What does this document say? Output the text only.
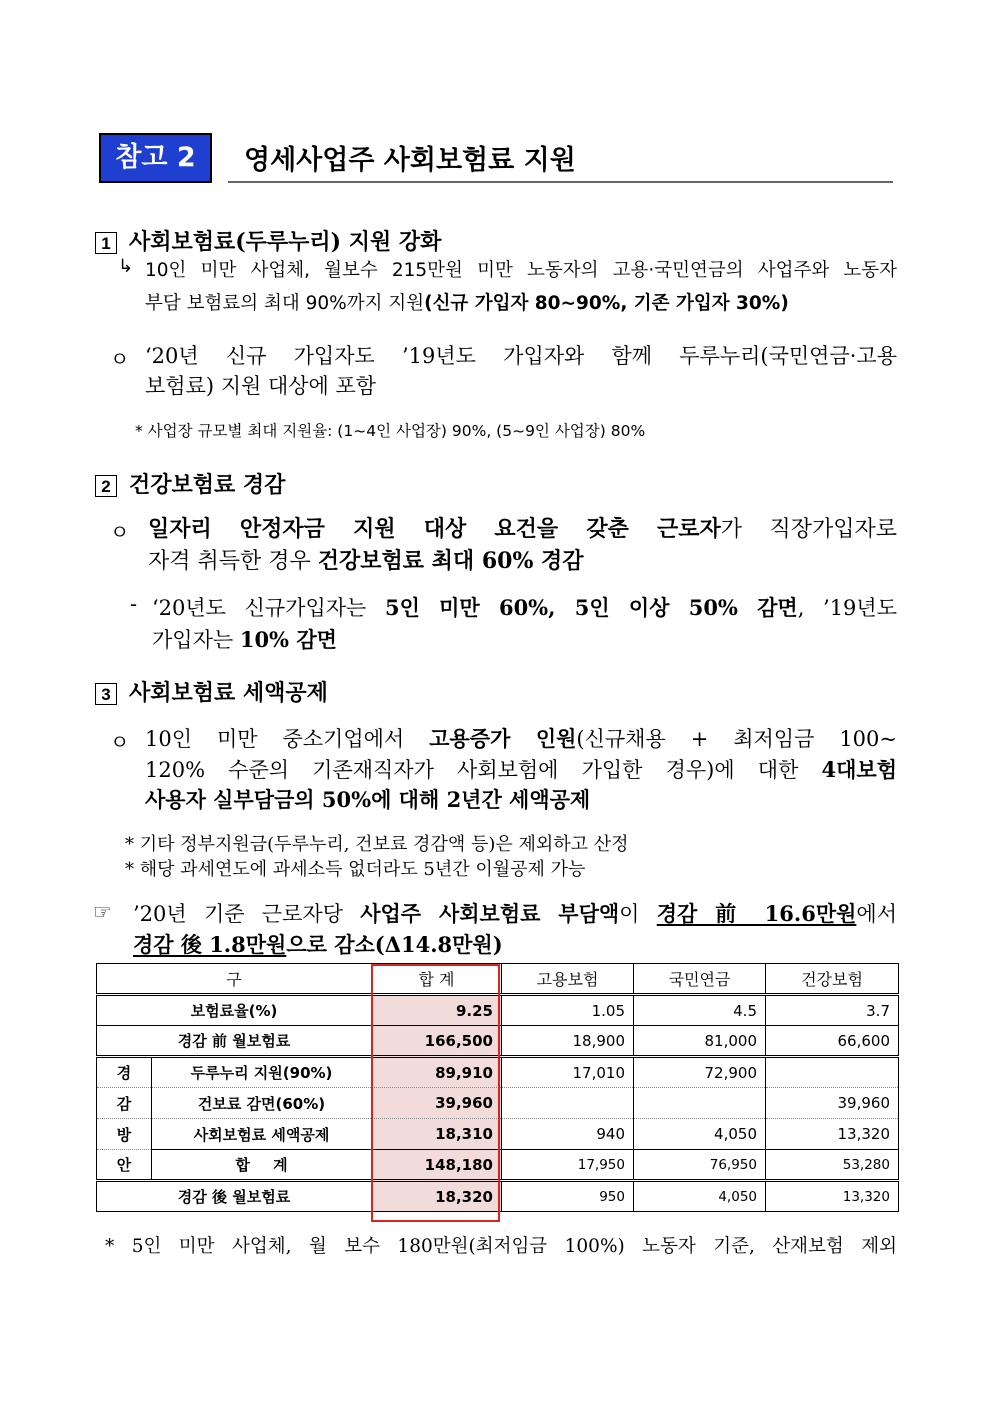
참고 2	영세사업주 사회보험료 지원
1 사회보험료(두루누리) 지원 강화
↳ 10인 미만 사업체, 월보수 215만원 미만 노동자의 고용·국민연금의 사업주와 노동자
부담 보험료의 최대 90%까지 지원(신규 가입자 80~90%, 기존 가입자 30%)
ㅇ ‘20년 신규 가입자도 ’19년도 가입자와 함께 두루누리(국민연금·고용
보험료) 지원 대상에 포함
* 사업장 규모별 최대 지원율: (1~4인 사업장) 90%, (5~9인 사업장) 80%
2 건강보험료 경감
ㅇ 일자리 안정자금 지원 대상 요건을 갖춘 근로자가 직장가입자로
자격 취득한 경우 건강보험료 최대 60% 경감
- ‘20년도 신규가입자는 5인 미만 60%, 5인 이상 50% 감면, ’19년도
가입자는 10% 감면
3 사회보험료 세액공제
ㅇ 10인 미만 중소기업에서 고용증가 인원(신규채용 + 최저임금 100~
120% 수준의 기존재직자가 사회보험에 가입한 경우)에 대한 4대보험
사용자 실부담금의 50%에 대해 2년간 세액공제
* 기타 정부지원금(두루누리, 건보료 경감액 등)은 제외하고 산정
* 해당 과세연도에 과세소득 없더라도 5년간 이월공제 가능
☞ ’20년 기준 근로자당 사업주 사회보험료 부담액이 경감 前 16.6만원에서
경감 後 1.8만원으로 감소(Δ14.8만원)
구		합 계	고용보험	국민연금	건강보험
보험료율(%)		9.25	1.05	4.5	3.7
경감 前 월보험료		166,500	18,900	81,000	66,600
경	두루누리 지원(90%)	89,910	17,010	72,900	
감	건보료 감면(60%)	39,960			39,960
방	사회보험료 세액공제	18,310	940	4,050	13,320
안	합 계	148,180	17,950	76,950	53,280
경감 後 월보험료		18,320	950	4,050	13,320
* 5인 미만 사업체, 월 보수 180만원(최저임금 100%) 노동자 기준, 산재보험 제외
